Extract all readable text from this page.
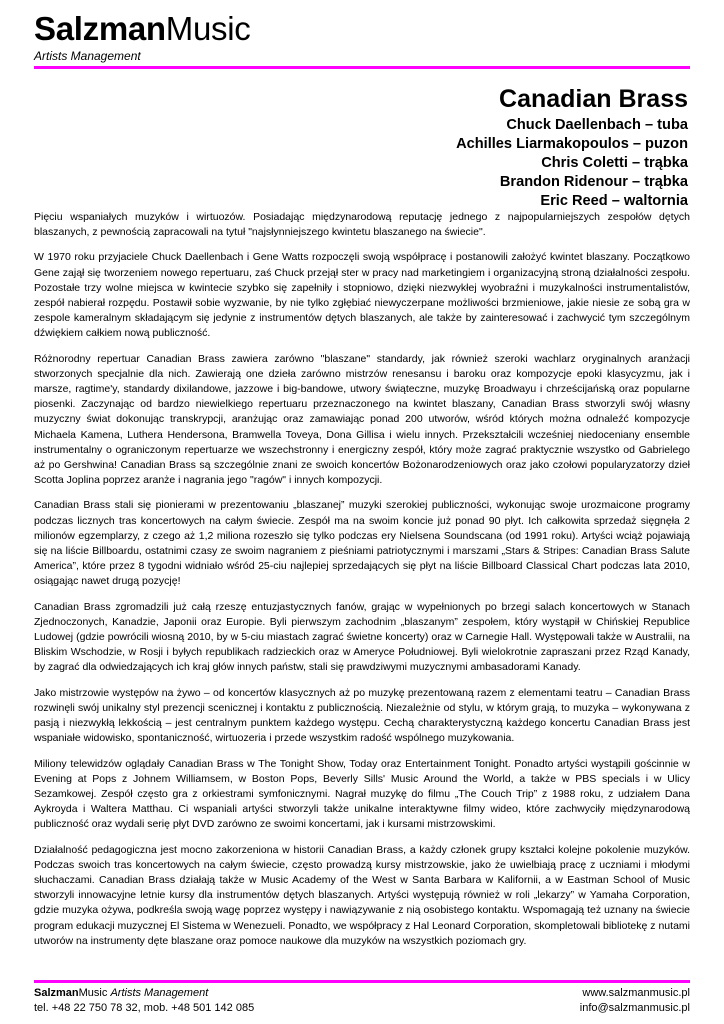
SalzmanMusic
Artists Management
Canadian Brass
Chuck Daellenbach – tuba
Achilles Liarmakopoulos – puzon
Chris Coletti – trąbka
Brandon Ridenour – trąbka
Eric Reed – waltornia

Pięciu wspaniałych muzyków i wirtuozów. Posiadając międzynarodową reputację jednego z najpopularniejszych zespołów dętych blaszanych, z pewnością zapracowali na tytuł "najsłynniejszego kwintetu blaszanego na świecie".

W 1970 roku przyjaciele Chuck Daellenbach i Gene Watts rozpoczęli swoją współpracę i postanowili założyć kwintet blaszany. Początkowo Gene zajął się tworzeniem nowego repertuaru, zaś Chuck przejął ster w pracy nad marketingiem i organizacyjną stroną działalności zespołu. Pozostałe trzy wolne miejsca w kwintecie szybko się zapełniły i stopniowo, dzięki niezwykłej wyobraźni i muzykalności instrumentalistów, zespół nabierał rozpędu. Postawił sobie wyzwanie, by nie tylko zgłębiać niewyczerpane możliwości brzmieniowe, jakie niesie ze sobą gra w zespole kameralnym składającym się jedynie z instrumentów dętych blaszanych, ale także by zainteresować i zachwycić tym szczególnym dźwiękiem całkiem nową publiczność.

Różnorodny repertuar Canadian Brass zawiera zarówno "blaszane" standardy, jak również szeroki wachlarz oryginalnych aranżacji stworzonych specjalnie dla nich. Zawierają one dzieła zarówno mistrzów renesansu i baroku oraz kompozycje epoki klasycyzmu, jak i marsze, ragtime'y, standardy dixilandowe, jazzowe i big-bandowe, utwory świąteczne, muzykę Broadwayu i chrześcijańską oraz popularne piosenki. Zaczynając od bardzo niewielkiego repertuaru przeznaczonego na kwintet blaszany, Canadian Brass stworzyli swój własny muzyczny świat dokonując transkrypcji, aranżując oraz zamawiając ponad 200 utworów, wśród których można odnaleźć kompozycje Michaela Kamena, Luthera Hendersona, Bramwella Toveya, Dona Gillisa i wielu innych. Przekształcili wcześniej niedoceniany ensemble instrumentalny o ograniczonym repertuarze we wszechstronny i energiczny zespół, który może zagrać praktycznie wszystko od Gabrielego aż po Gershwina! Canadian Brass są szczególnie znani ze swoich koncertów Bożonarodzeniowych oraz jako czołowi popularyzatorzy dzieł Scotta Joplina poprzez aranże i nagrania jego "ragów" i innych kompozycji.

Canadian Brass stali się pionierami w prezentowaniu „blaszanej” muzyki szerokiej publiczności, wykonując swoje urozmaicone programy podczas licznych tras koncertowych na całym świecie. Zespół ma na swoim koncie już ponad 90 płyt. Ich całkowita sprzedaż sięgnęła 2 milionów egzemplarzy, z czego aż 1,2 miliona rozeszło się tylko podczas ery Nielsena Soundscana (od 1991 roku). Artyści wciąż pojawiają się na liście Billboardu, ostatnimi czasy ze swoim nagraniem z pieśniami patriotycznymi i marszami „Stars & Stripes: Canadian Brass Salute America”, które przez 8 tygodni widniało wśród 25-ciu najlepiej sprzedających się płyt na liście Billboard Classical Chart podczas lata 2010, osiągając nawet drugą pozycję!

Canadian Brass zgromadzili już całą rzeszę entuzjastycznych fanów, grając w wypełnionych po brzegi salach koncertowych w Stanach Zjednoczonych, Kanadzie, Japonii oraz Europie. Byli pierwszym zachodnim „blaszanym” zespołem, który wystąpił w Chińskiej Republice Ludowej (gdzie powrócili wiosną 2010, by w 5-ciu miastach zagrać świetne koncerty) oraz w Carnegie Hall. Występowali także w Australii, na Bliskim Wschodzie, w Rosji i byłych republikach radzieckich oraz w Ameryce Południowej. Byli wielokrotnie zapraszani przez Rząd Kanady, by zagrać dla odwiedzających ich kraj głów innych państw, stali się prawdziwymi muzycznymi ambasadorami Kanady.

Jako mistrzowie występów na żywo – od koncertów klasycznych aż po muzykę prezentowaną razem z elementami teatru – Canadian Brass rozwinęli swój unikalny styl prezencji scenicznej i kontaktu z publicznością. Niezależnie od stylu, w którym grają, to muzyka – wykonywana z pasją i niezwykłą lekkością – jest centralnym punktem każdego występu. Cechą charakterystyczną każdego koncertu Canadian Brass jest wspaniałe widowisko, spontaniczność, wirtuozeria i przede wszystkim radość wspólnego muzykowania.

Miliony telewidzów oglądały Canadian Brass w The Tonight Show, Today oraz Entertainment Tonight. Ponadto artyści wystąpili gościnnie w Evening at Pops z Johnem Williamsem, w Boston Pops, Beverly Sills' Music Around the World, a także w PBS specials i w Ulicy Sezamkowej. Zespół często gra z orkiestrami symfonicznymi. Nagrał muzykę do filmu „The Couch Trip” z 1988 roku, z udziałem Dana Aykroyda i Waltera Matthau. Ci wspaniali artyści stworzyli także unikalne interaktywne filmy wideo, które zachwyciły międzynarodową publiczność oraz wydali serię płyt DVD zarówno ze swoimi koncertami, jak i kursami mistrzowskimi.

Działalność pedagogiczna jest mocno zakorzeniona w historii Canadian Brass, a każdy członek grupy kształci kolejne pokolenie muzyków. Podczas swoich tras koncertowych na całym świecie, często prowadzą kursy mistrzowskie, jako że uwielbiają pracę z uczniami i młodymi słuchaczami. Canadian Brass działają także w Music Academy of the West w Santa Barbara w Kalifornii, a w Eastman School of Music stworzyli innowacyjne letnie kursy dla instrumentów dętych blaszanych. Artyści występują również w roli „lekarzy” w Yamaha Corporation, gdzie muzyka ożywa, podkreśla swoją wagę poprzez występy i nawiązywanie z nią osobistego kontaktu. Wspomagają też uznany na świecie program edukacji muzycznej El Sistema w Wenezueli. Ponadto, we współpracy z Hal Leonard Corporation, skompletowali bibliotekę z nutami utworów na instrumenty dęte blaszane oraz pomoce naukowe dla muzyków na wszystkich poziomach gry.

SalzmanMusic Artists Management
tel. +48 22 750 78 32, mob. +48 501 142 085
www.salzmanmusic.pl
info@salzmanmusic.pl
